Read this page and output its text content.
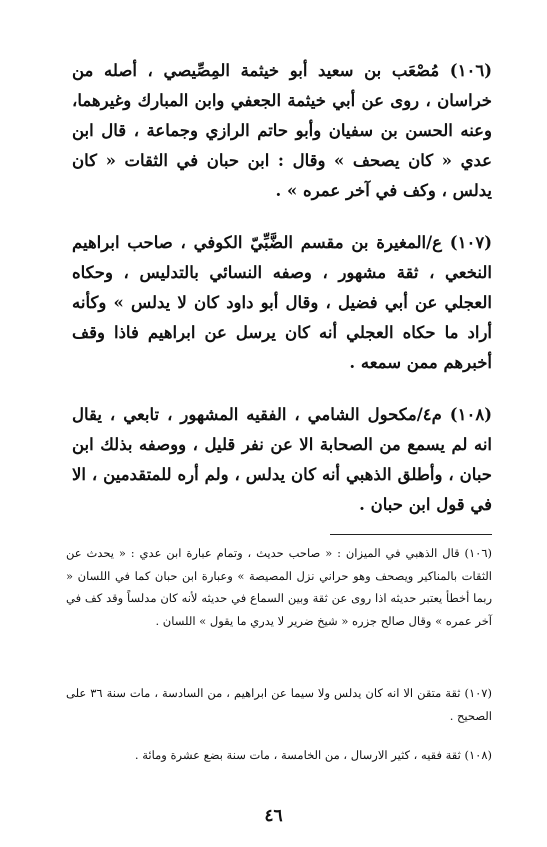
(١٠٦) مُصْعَب بن سعيد أبو خيثمة المِصِّيصي ، أصله من خراسان ، روى عن أبي خيثمة الجعفي وابن المبارك وغيرهما، وعنه الحسن بن سفيان وأبو حاتم الرازي وجماعة ، قال ابن عدي « كان يصحف » وقال : ابن حبان في الثقات « كان يدلس ، وكف في آخر عمره » .

(١٠٧) ع/المغيرة بن مقسم الضَّبِّيّ الكوفي ، صاحب ابراهيم النخعي ، ثقة مشهور ، وصفه النسائي بالتدليس ، وحكاه العجلي عن أبي فضيل ، وقال أبو داود كان لا يدلس » وكأنه أراد ما حكاه العجلي أنه كان يرسل عن ابراهيم فاذا وقف أخبرهم ممن سمعه .

(١٠٨) م٤/مكحول الشامي ، الفقيه المشهور ، تابعي ، يقال انه لم يسمع من الصحابة الا عن نفر قليل ، ووصفه بذلك ابن حبان ، وأطلق الذهبي أنه كان يدلس ، ولم أره للمتقدمين ، الا في قول ابن حبان .

(١٠٦) قال الذهبي في الميزان : « صاحب حديث ، وتمام عبارة ابن عدي : « يحدث عن الثقات بالمناكير ويصحف وهو حراني نزل المصيصة » وعبارة ابن حبان كما في اللسان « ربما أخطأ يعتبر حديثه اذا روى عن ثقة وبين السماع في حديثه لأنه كان مدلساً وقد كف في آخر عمره » وقال صالح جزره « شيخ ضرير لا يدري ما يقول » اللسان .

(١٠٧) ثقة متقن الا انه كان يدلس ولا سيما عن ابراهيم ، من السادسة ، مات سنة ٣٦ على الصحيح .

(١٠٨) ثقة فقيه ، كثير الارسال ، من الخامسة ، مات سنة بضع عشرة ومائة .

٤٦
